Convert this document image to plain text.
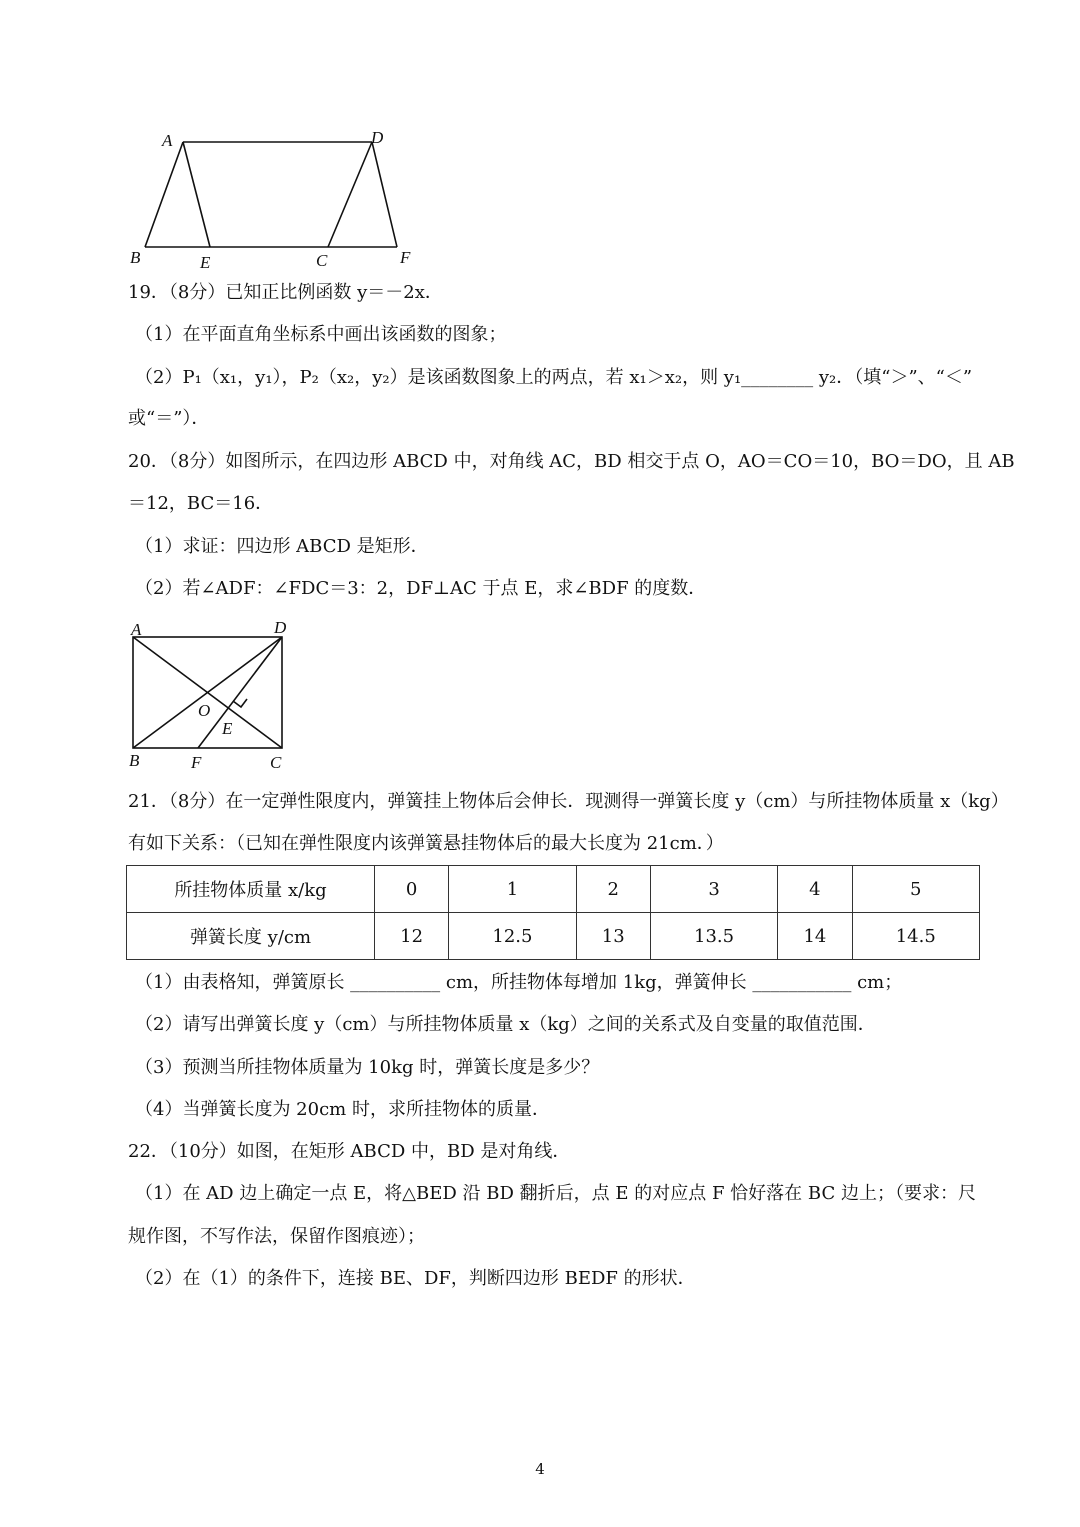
A	D
B	E	C	F
19．（8分）已知正比例函数 y＝－2x．
（1）在平面直角坐标系中画出该函数的图象；
（2）P₁（x₁，y₁），P₂（x₂，y₂）是该函数图象上的两点，若 x₁＞x₂，则 y₁________ y₂．（填“＞”、“＜”
或“＝”）．
20．（8分）如图所示，在四边形 ABCD 中，对角线 AC，BD 相交于点 O，AO＝CO＝10，BO＝DO，且 AB
＝12，BC＝16．
（1）求证：四边形 ABCD 是矩形．
（2）若∠ADF：∠FDC＝3：2，DF⊥AC 于点 E，求∠BDF 的度数．
A	D
B	F	C
O
E
21．（8分）在一定弹性限度内，弹簧挂上物体后会伸长．现测得一弹簧长度 y（cm）与所挂物体质量 x（kg）
有如下关系：（已知在弹性限度内该弹簧悬挂物体后的最大长度为 21cm．）
所挂物体质量 x/kg	0	1	2	3	4	5
弹簧长度 y/cm	12	12.5	13	13.5	14	14.5
（1）由表格知，弹簧原长 __________ cm，所挂物体每增加 1kg，弹簧伸长 ___________ cm；
（2）请写出弹簧长度 y（cm）与所挂物体质量 x（kg）之间的关系式及自变量的取值范围．
（3）预测当所挂物体质量为 10kg 时，弹簧长度是多少？
（4）当弹簧长度为 20cm 时，求所挂物体的质量．
22．（10分）如图，在矩形 ABCD 中，BD 是对角线．
（1）在 AD 边上确定一点 E，将△BED 沿 BD 翻折后，点 E 的对应点 F 恰好落在 BC 边上；（要求：尺
规作图，不写作法，保留作图痕迹）；
（2）在（1）的条件下，连接 BE、DF，判断四边形 BEDF 的形状．
4
